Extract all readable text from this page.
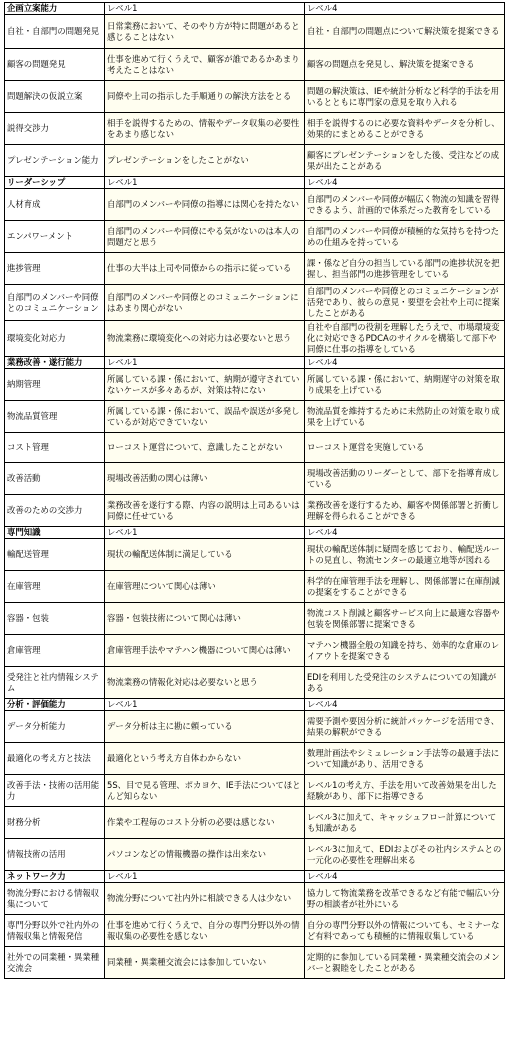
企画立案能力	レベル1	レベル4
自社・自部門の問題発見	日常業務において、そのやり方が特に問題があると感じることはない	自社・自部門の問題点について解決策を提案できる
顧客の問題発見	仕事を進めて行くうえで、顧客が誰であるかあまり考えたことはない	顧客の問題点を発見し、解決策を提案できる
問題解決の仮説立案	同僚や上司の指示した手順通りの解決方法をとる	問題の解決策は、IEや統計分析など科学的手法を用いるとともに専門家の意見を取り入れる
説得交渉力	相手を説得するための、情報やデータ収集の必要性をあまり感じない	相手を説得するのに必要な資料やデータを分析し、効果的にまとめることができる
プレゼンテーション能力	プレゼンテーションをしたことがない	顧客にプレゼンテーションをした後、受注などの成果が出たことがある
リーダーシップ	レベル1	レベル4
人材育成	自部門のメンバーや同僚の指導には関心を持たない	自部門のメンバーや同僚が幅広く物流の知識を習得できるよう、計画的で体系だった教育をしている
エンパワーメント	自部門のメンバーや同僚にやる気がないのは本人の問題だと思う	自部門のメンバーや同僚が積極的な気持ちを持つための仕組みを持っている
進捗管理	仕事の大半は上司や同僚からの指示に従っている	課・係など自分の担当している部門の進捗状況を把握し、担当部門の進捗管理をしている
自部門のメンバーや同僚とのコミュニケーション	自部門のメンバーや同僚とのコミュニケーションにはあまり関心がない	自部門のメンバーや同僚とのコミュニケーションが活発であり、彼らの意見・要望を会社や上司に提案したことがある
環境変化対応力	物流業務に環境変化への対応力は必要ないと思う	自社や自部門の役割を理解したうえで、市場環境変化に対応できるPDCAのサイクルを構築して部下や同僚に仕事の指導をしている
業務改善・遂行能力	レベル1	レベル4
納期管理	所属している課・係において、納期が遵守されていないケースが多々あるが、対策は特にない	所属している課・係において、納期遅守の対策を取り成果を上げている
物流品質管理	所属している課・係において、誤品や誤送が多発しているが対応できていない	物流品質を維持するために未然防止の対策を取り成果を上げている
コスト管理	ローコスト運営について、意識したことがない	ローコスト運営を実施している
改善活動	現場改善活動の関心は薄い	現場改善活動のリーダーとして、部下を指導育成している
改善のための交渉力	業務改善を遂行する際、内容の説明は上司あるいは同僚に任せている	業務改善を遂行するため、顧客や関係部署と折衝し理解を得られることができる
専門知識	レベル1	レベル4
輸配送管理	現状の輸配送体制に満足している	現状の輸配送体制に疑問を感じており、輸配送ルートの見直し、物流センターの最適立地等が図れる
在庫管理	在庫管理について関心は薄い	科学的在庫管理手法を理解し、関係部署に在庫削減の提案をすることができる
容器・包装	容器・包装技術について関心は薄い	物流コスト削減と顧客サービス向上に最適な容器や包装を関係部署に提案できる
倉庫管理	倉庫管理手法やマテハン機器について関心は薄い	マテハン機器全般の知識を持ち、効率的な倉庫のレイアウトを提案できる
受発注と社内情報システム	物流業務の情報化対応は必要ないと思う	EDIを利用した受発注のシステムについての知識がある
分析・評価能力	レベル1	レベル4
データ分析能力	データ分析は主に勘に頼っている	需要予測や要因分析に統計パッケージを活用でき、結果の解釈ができる
最適化の考え方と技法	最適化という考え方自体わからない	数理計画法やシミュレーション手法等の最適手法について知識があり、活用できる
改善手法・技術の活用能力	5S、目で見る管理、ポカヨケ、IE手法についてほとんど知らない	レベル1の考え方、手法を用いて改善効果を出した経験があり、部下に指導できる
財務分析	作業や工程毎のコスト分析の必要は感じない	レベル3に加えて、キャッシュフロー計算についても知識がある
情報技術の活用	パソコンなどの情報機器の操作は出来ない	レベル3に加えて、EDIおよびその社内システムとの一元化の必要性を理解出来る
ネットワーク力	レベル1	レベル4
物流分野における情報収集について	物流分野について社内外に相談できる人は少ない	協力して物流業務を改革できるなど有能で幅広い分野の相談者が社外にいる
専門分野以外で社内外の情報収集と情報発信	仕事を進めて行くうえで、自分の専門分野以外の情報収集の必要性を感じない	自分の専門分野以外の情報についても、セミナーなど有料であっても積極的に情報収集している
社外での同業種・異業種交流会	同業種・異業種交流会には参加していない	定期的に参加している同業種・異業種交流会のメンバーと親睦をしたことがある
